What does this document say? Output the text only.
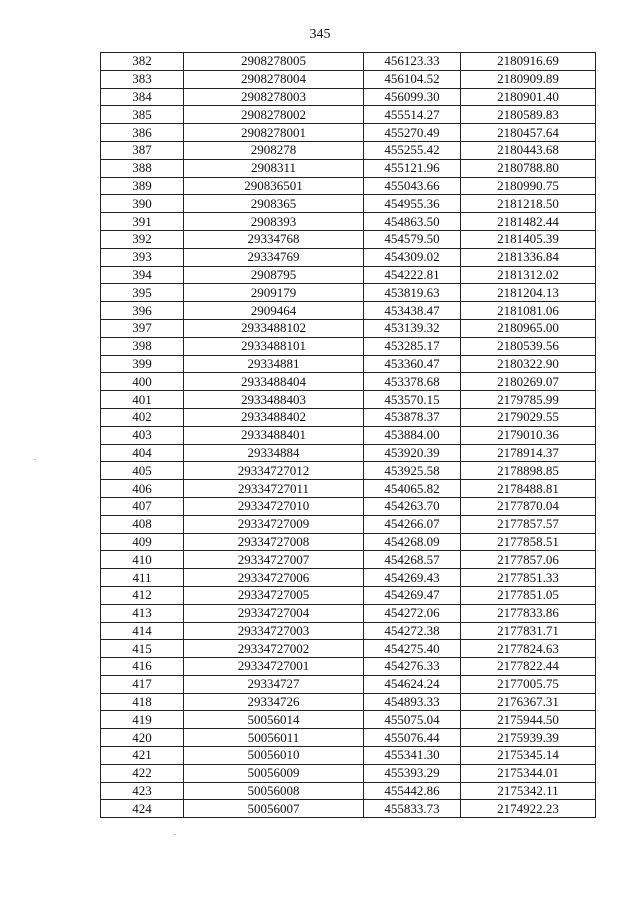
345
382	2908278005	456123.33	2180916.69
383	2908278004	456104.52	2180909.89
384	2908278003	456099.30	2180901.40
385	2908278002	455514.27	2180589.83
386	2908278001	455270.49	2180457.64
387	2908278	455255.42	2180443.68
388	2908311	455121.96	2180788.80
389	290836501	455043.66	2180990.75
390	2908365	454955.36	2181218.50
391	2908393	454863.50	2181482.44
392	29334768	454579.50	2181405.39
393	29334769	454309.02	2181336.84
394	2908795	454222.81	2181312.02
395	2909179	453819.63	2181204.13
396	2909464	453438.47	2181081.06
397	2933488102	453139.32	2180965.00
398	2933488101	453285.17	2180539.56
399	29334881	453360.47	2180322.90
400	2933488404	453378.68	2180269.07
401	2933488403	453570.15	2179785.99
402	2933488402	453878.37	2179029.55
403	2933488401	453884.00	2179010.36
404	29334884	453920.39	2178914.37
405	29334727012	453925.58	2178898.85
406	29334727011	454065.82	2178488.81
407	29334727010	454263.70	2177870.04
408	29334727009	454266.07	2177857.57
409	29334727008	454268.09	2177858.51
410	29334727007	454268.57	2177857.06
411	29334727006	454269.43	2177851.33
412	29334727005	454269.47	2177851.05
413	29334727004	454272.06	2177833.86
414	29334727003	454272.38	2177831.71
415	29334727002	454275.40	2177824.63
416	29334727001	454276.33	2177822.44
417	29334727	454624.24	2177005.75
418	29334726	454893.33	2176367.31
419	50056014	455075.04	2175944.50
420	50056011	455076.44	2175939.39
421	50056010	455341.30	2175345.14
422	50056009	455393.29	2175344.01
423	50056008	455442.86	2175342.11
424	50056007	455833.73	2174922.23
